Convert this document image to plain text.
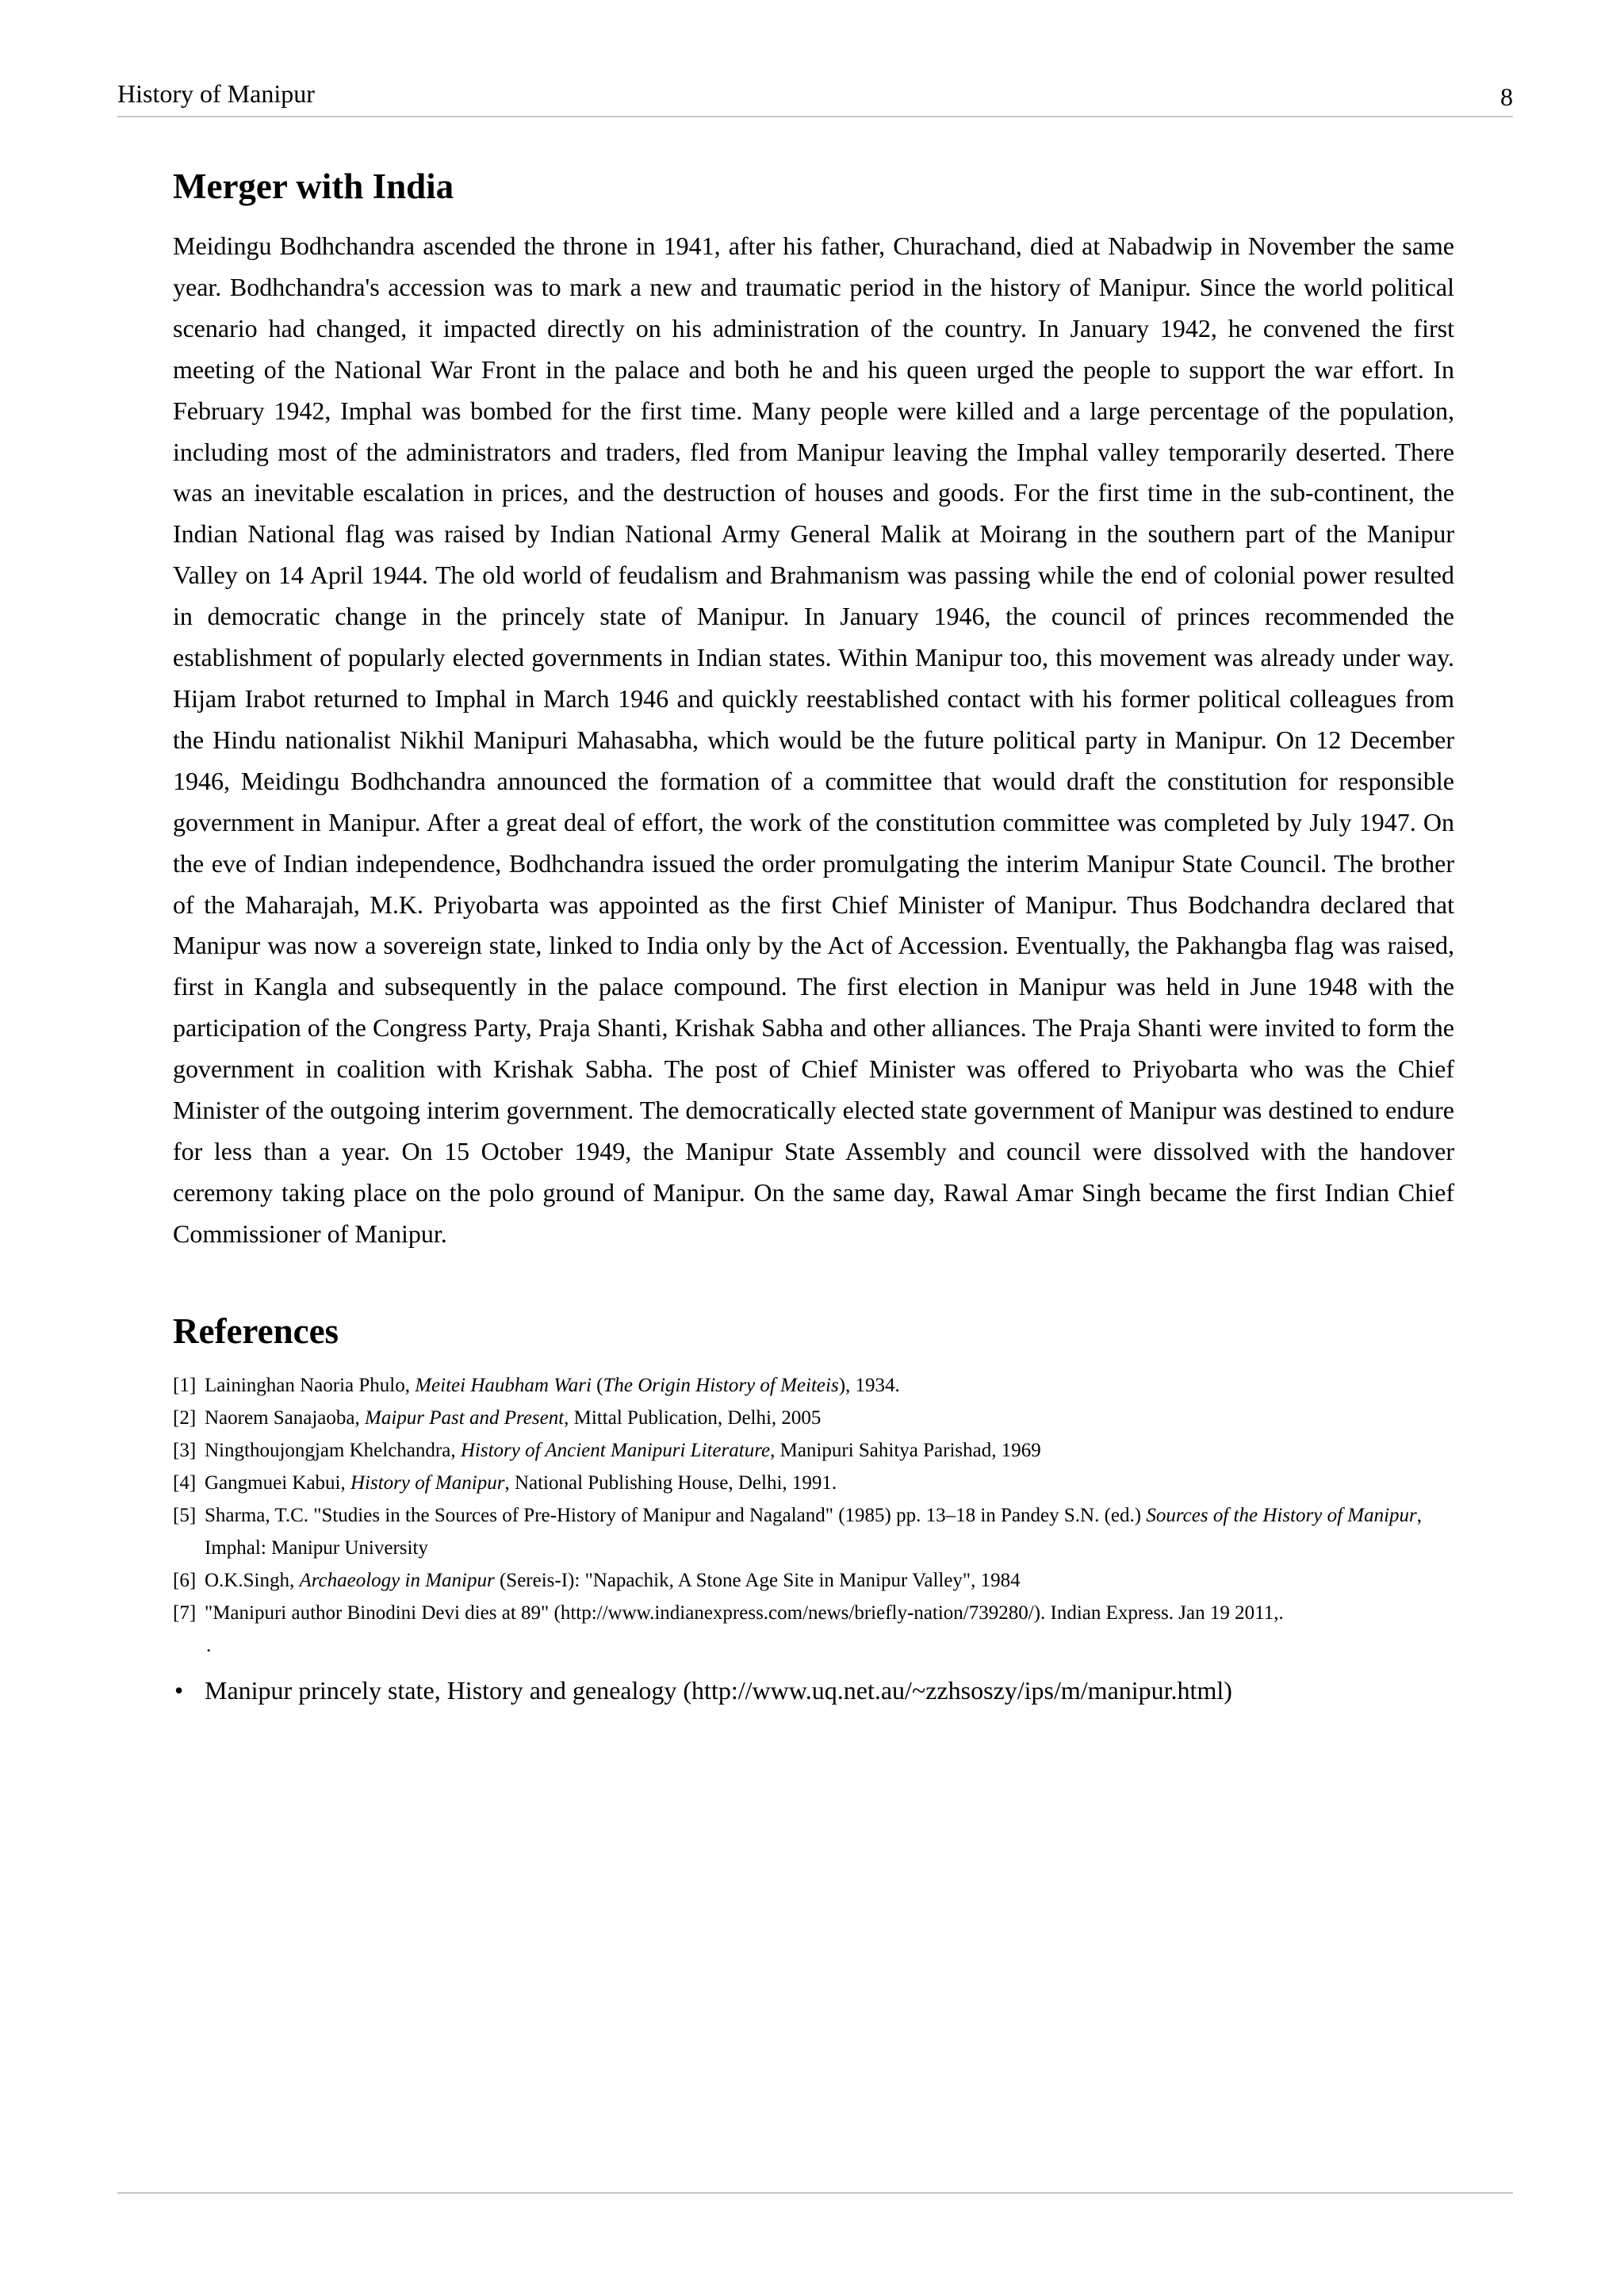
History of Manipur	8
Merger with India

Meidingu Bodhchandra ascended the throne in 1941, after his father, Churachand, died at Nabadwip in November the same year. Bodhchandra's accession was to mark a new and traumatic period in the history of Manipur. Since the world political scenario had changed, it impacted directly on his administration of the country. In January 1942, he convened the first meeting of the National War Front in the palace and both he and his queen urged the people to support the war effort. In February 1942, Imphal was bombed for the first time. Many people were killed and a large percentage of the population, including most of the administrators and traders, fled from Manipur leaving the Imphal valley temporarily deserted. There was an inevitable escalation in prices, and the destruction of houses and goods. For the first time in the sub-continent, the Indian National flag was raised by Indian National Army General Malik at Moirang in the southern part of the Manipur Valley on 14 April 1944. The old world of feudalism and Brahmanism was passing while the end of colonial power resulted in democratic change in the princely state of Manipur. In January 1946, the council of princes recommended the establishment of popularly elected governments in Indian states. Within Manipur too, this movement was already under way. Hijam Irabot returned to Imphal in March 1946 and quickly reestablished contact with his former political colleagues from the Hindu nationalist Nikhil Manipuri Mahasabha, which would be the future political party in Manipur. On 12 December 1946, Meidingu Bodhchandra announced the formation of a committee that would draft the constitution for responsible government in Manipur. After a great deal of effort, the work of the constitution committee was completed by July 1947. On the eve of Indian independence, Bodhchandra issued the order promulgating the interim Manipur State Council. The brother of the Maharajah, M.K. Priyobarta was appointed as the first Chief Minister of Manipur. Thus Bodchandra declared that Manipur was now a sovereign state, linked to India only by the Act of Accession. Eventually, the Pakhangba flag was raised, first in Kangla and subsequently in the palace compound. The first election in Manipur was held in June 1948 with the participation of the Congress Party, Praja Shanti, Krishak Sabha and other alliances. The Praja Shanti were invited to form the government in coalition with Krishak Sabha. The post of Chief Minister was offered to Priyobarta who was the Chief Minister of the outgoing interim government. The democratically elected state government of Manipur was destined to endure for less than a year. On 15 October 1949, the Manipur State Assembly and council were dissolved with the handover ceremony taking place on the polo ground of Manipur. On the same day, Rawal Amar Singh became the first Indian Chief Commissioner of Manipur.

References
[1] Laininghan Naoria Phulo, Meitei Haubham Wari (The Origin History of Meiteis), 1934.
[2] Naorem Sanajaoba, Maipur Past and Present, Mittal Publication, Delhi, 2005
[3] Ningthoujongjam Khelchandra, History of Ancient Manipuri Literature, Manipuri Sahitya Parishad, 1969
[4] Gangmuei Kabui, History of Manipur, National Publishing House, Delhi, 1991.
[5] Sharma, T.C. "Studies in the Sources of Pre-History of Manipur and Nagaland" (1985) pp. 13–18 in Pandey S.N. (ed.) Sources of the History of Manipur, Imphal: Manipur University
[6] O.K.Singh, Archaeology in Manipur (Sereis-I): "Napachik, A Stone Age Site in Manipur Valley", 1984
[7] "Manipuri author Binodini Devi dies at 89" (http://www.indianexpress.com/news/briefly-nation/739280/). Indian Express. Jan 19 2011,.
.
• Manipur princely state, History and genealogy (http://www.uq.net.au/~zzhsoszy/ips/m/manipur.html)
